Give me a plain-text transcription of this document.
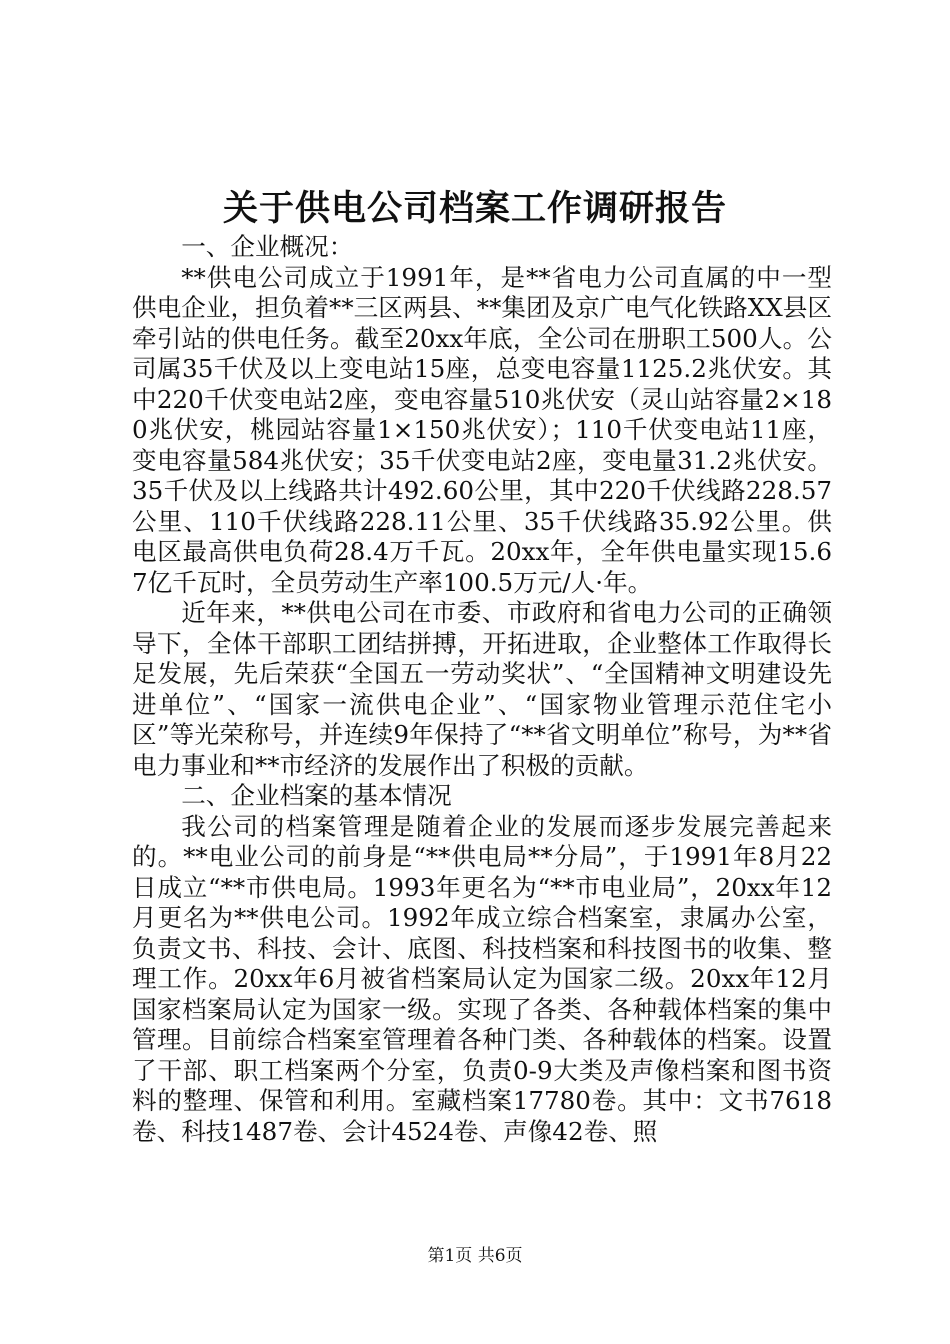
关于供电公司档案工作调研报告

一、企业概况：

**供电公司成立于1991年，是**省电力公司直属的中一型供电企业，担负着**三区两县、**集团及京广电气化铁路XX县区牵引站的供电任务。截至20xx年底，全公司在册职工500人。公司属35千伏及以上变电站15座，总变电容量1125.2兆伏安。其中220千伏变电站2座，变电容量510兆伏安（灵山站容量2×180兆伏安，桃园站容量1×150兆伏安）；110千伏变电站11座，变电容量584兆伏安；35千伏变电站2座，变电量31.2兆伏安。35千伏及以上线路共计492.60公里，其中220千伏线路228.57公里、110千伏线路228.11公里、35千伏线路35.92公里。供电区最高供电负荷28.4万千瓦。20xx年，全年供电量实现15.67亿千瓦时，全员劳动生产率100.5万元/人·年。

近年来，**供电公司在市委、市政府和省电力公司的正确领导下，全体干部职工团结拼搏，开拓进取，企业整体工作取得长足发展，先后荣获“全国五一劳动奖状”、“全国精神文明建设先进单位”、“国家一流供电企业”、“国家物业管理示范住宅小区”等光荣称号，并连续9年保持了“**省文明单位”称号，为**省电力事业和**市经济的发展作出了积极的贡献。

二、企业档案的基本情况

我公司的档案管理是随着企业的发展而逐步发展完善起来的。**电业公司的前身是“**供电局**分局”，于1991年8月22日成立“**市供电局。1993年更名为“**市电业局”，20xx年12月更名为**供电公司。1992年成立综合档案室，隶属办公室，负责文书、科技、会计、底图、科技档案和科技图书的收集、整理工作。20xx年6月被省档案局认定为国家二级。20xx年12月国家档案局认定为国家一级。实现了各类、各种载体档案的集中管理。目前综合档案室管理着各种门类、各种载体的档案。设置了干部、职工档案两个分室，负责0-9大类及声像档案和图书资料的整理、保管和利用。室藏档案17780卷。其中：文书7618卷、科技1487卷、会计4524卷、声像42卷、照

第1页 共6页
